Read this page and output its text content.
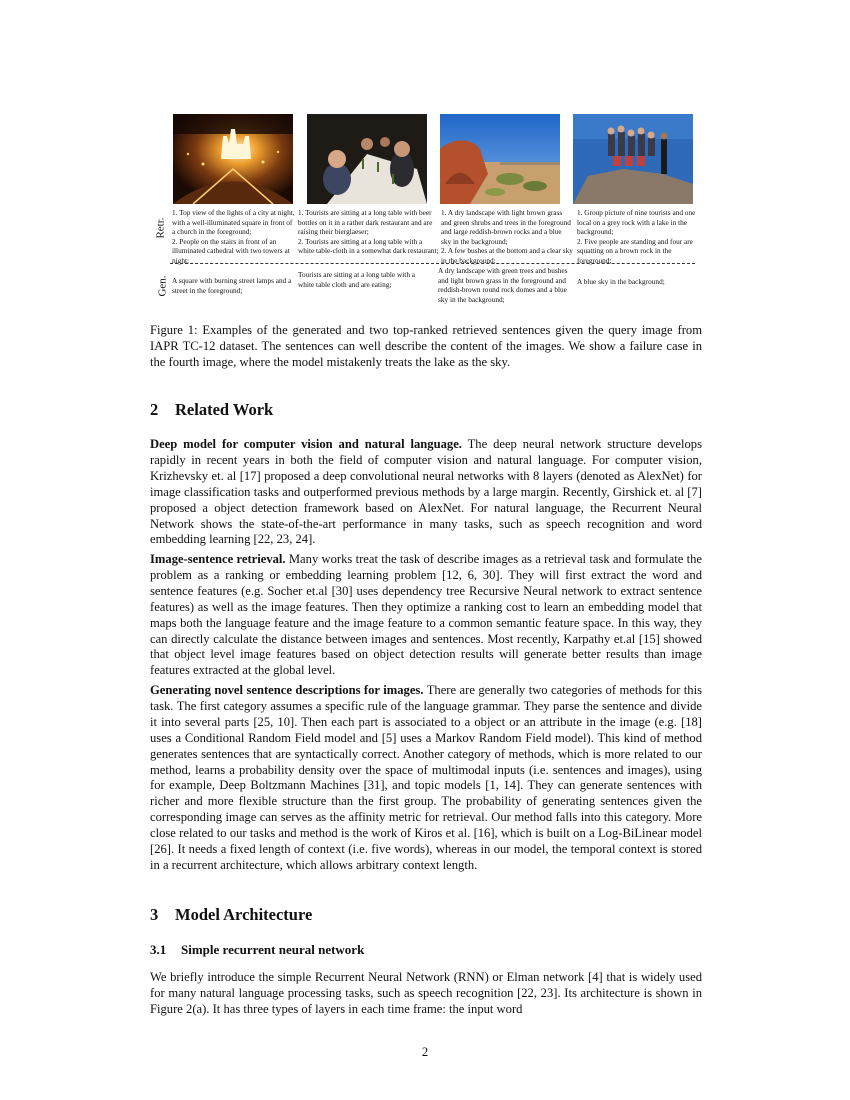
Retr.
Gen.

1. Top view of the lights of a city at night, with a well-illuminated square in front of a church in the foreground;

2. People on the stairs in front of an illuminated cathedral with two towers at night;

1. Tourists are sitting at a long table with beer bottles on it in a rather dark restaurant and are raising their bierglaeser;

2. Tourists are sitting at a long table with a white table-cloth in a somewhat dark restaurant;

1. A dry landscape with light brown grass and green shrubs and trees in the foreground and large reddish-brown rocks and a blue sky in the background;

2. A few bushes at the bottom and a clear sky in the background;

1. Group picture of nine tourists and one local on a grey rock with a lake in the background;

2. Five people are standing and four are squatting on a brown rock in the foreground;

A square with burning street lamps and a street in the foreground;
Tourists are sitting at a long table with a white table cloth and are eating;
A dry landscape with green trees and bushes and light brown grass in the foreground and reddish-brown round rock domes and a blue sky in the background;
A blue sky in the background;

Figure 1: Examples of the generated and two top-ranked retrieved sentences given the query image from IAPR TC-12 dataset. The sentences can well describe the content of the images. We show a failure case in the fourth image, where the model mistakenly treats the lake as the sky.

2 Related Work

Deep model for computer vision and natural language. The deep neural network structure develops rapidly in recent years in both the field of computer vision and natural language. For computer vision, Krizhevsky et. al [17] proposed a deep convolutional neural networks with 8 layers (denoted as AlexNet) for image classification tasks and outperformed previous methods by a large margin. Recently, Girshick et. al [7] proposed a object detection framework based on AlexNet. For natural language, the Recurrent Neural Network shows the state-of-the-art performance in many tasks, such as speech recognition and word embedding learning [22, 23, 24].

Image-sentence retrieval. Many works treat the task of describe images as a retrieval task and formulate the problem as a ranking or embedding learning problem [12, 6, 30]. They will first extract the word and sentence features (e.g. Socher et.al [30] uses dependency tree Recursive Neural network to extract sentence features) as well as the image features. Then they optimize a ranking cost to learn an embedding model that maps both the language feature and the image feature to a common semantic feature space. In this way, they can directly calculate the distance between images and sentences. Most recently, Karpathy et.al [15] showed that object level image features based on object detection results will generate better results than image features extracted at the global level.

Generating novel sentence descriptions for images. There are generally two categories of methods for this task. The first category assumes a specific rule of the language grammar. They parse the sentence and divide it into several parts [25, 10]. Then each part is associated to a object or an attribute in the image (e.g. [18] uses a Conditional Random Field model and [5] uses a Markov Random Field model). This kind of method generates sentences that are syntactically correct. Another category of methods, which is more related to our method, learns a probability density over the space of multimodal inputs (i.e. sentences and images), using for example, Deep Boltzmann Machines [31], and topic models [1, 14]. They can generate sentences with richer and more flexible structure than the first group. The probability of generating sentences given the corresponding image can serves as the affinity metric for retrieval. Our method falls into this category. More close related to our tasks and method is the work of Kiros et al. [16], which is built on a Log-BiLinear model [26]. It needs a fixed length of context (i.e. five words), whereas in our model, the temporal context is stored in a recurrent architecture, which allows arbitrary context length.

3 Model Architecture
3.1 Simple recurrent neural network

We briefly introduce the simple Recurrent Neural Network (RNN) or Elman network [4] that is widely used for many natural language processing tasks, such as speech recognition [22, 23]. Its architecture is shown in Figure 2(a). It has three types of layers in each time frame: the input word

2
